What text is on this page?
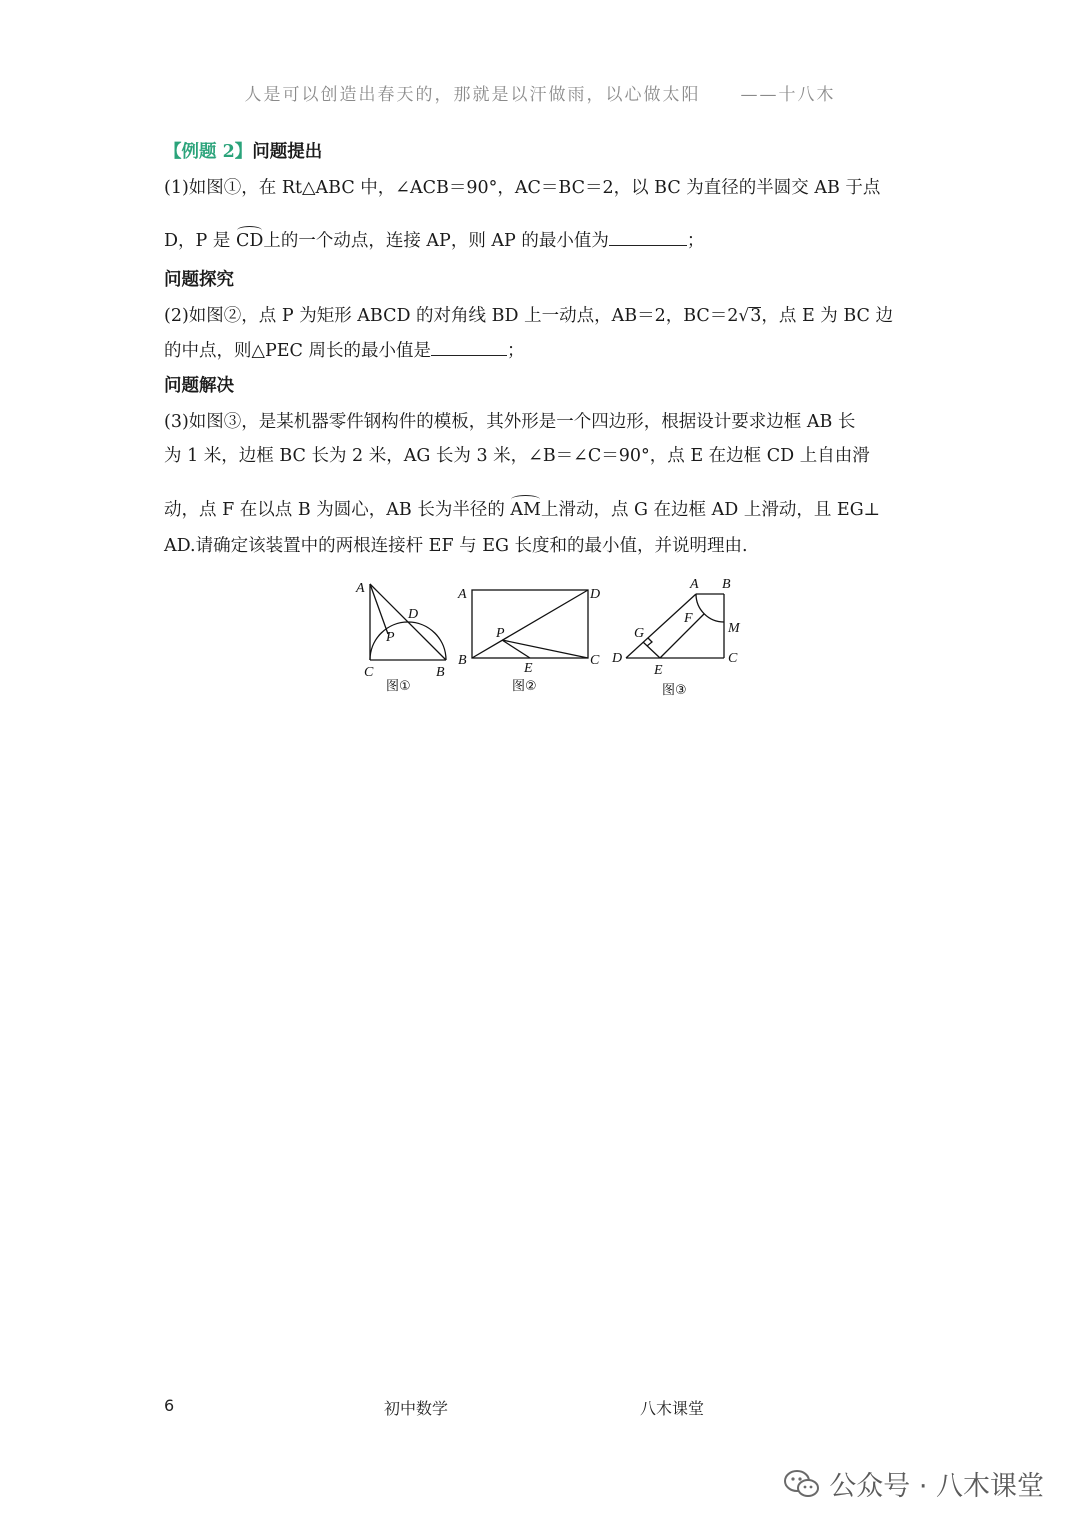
人是可以创造出春天的，那就是以汗做雨，以心做太阳 ——十八木
【例题 2】问题提出
(1)如图①，在 Rt△ABC 中，∠ACB＝90°，AC＝BC＝2，以 BC 为直径的半圆交 AB 于点
D，P 是 CD上的一个动点，连接 AP，则 AP 的最小值为	；
问题探究
(2)如图②，点 P 为矩形 ABCD 的对角线 BD 上一动点，AB＝2，BC＝2√3，点 E 为 BC 边
的中点，则△PEC 周长的最小值是	；
问题解决
(3)如图③，是某机器零件钢构件的模板，其外形是一个四边形，根据设计要求边框 AB 长
为 1 米，边框 BC 长为 2 米，AG 长为 3 米，∠B＝∠C＝90°，点 E 在边框 CD 上自由滑
动，点 F 在以点 B 为圆心，AB 长为半径的 AM上滑动，点 G 在边框 AD 上滑动，且 EG⊥
AD.请确定该装置中的两根连接杆 EF 与 EG 长度和的最小值，并说明理由.
A
D
P
C	B
图①
A	D
P
B	C
E
图②
A B
G
F
M
D
E
C
图③
6	初中数学	八木课堂
公众号 · 八木课堂
